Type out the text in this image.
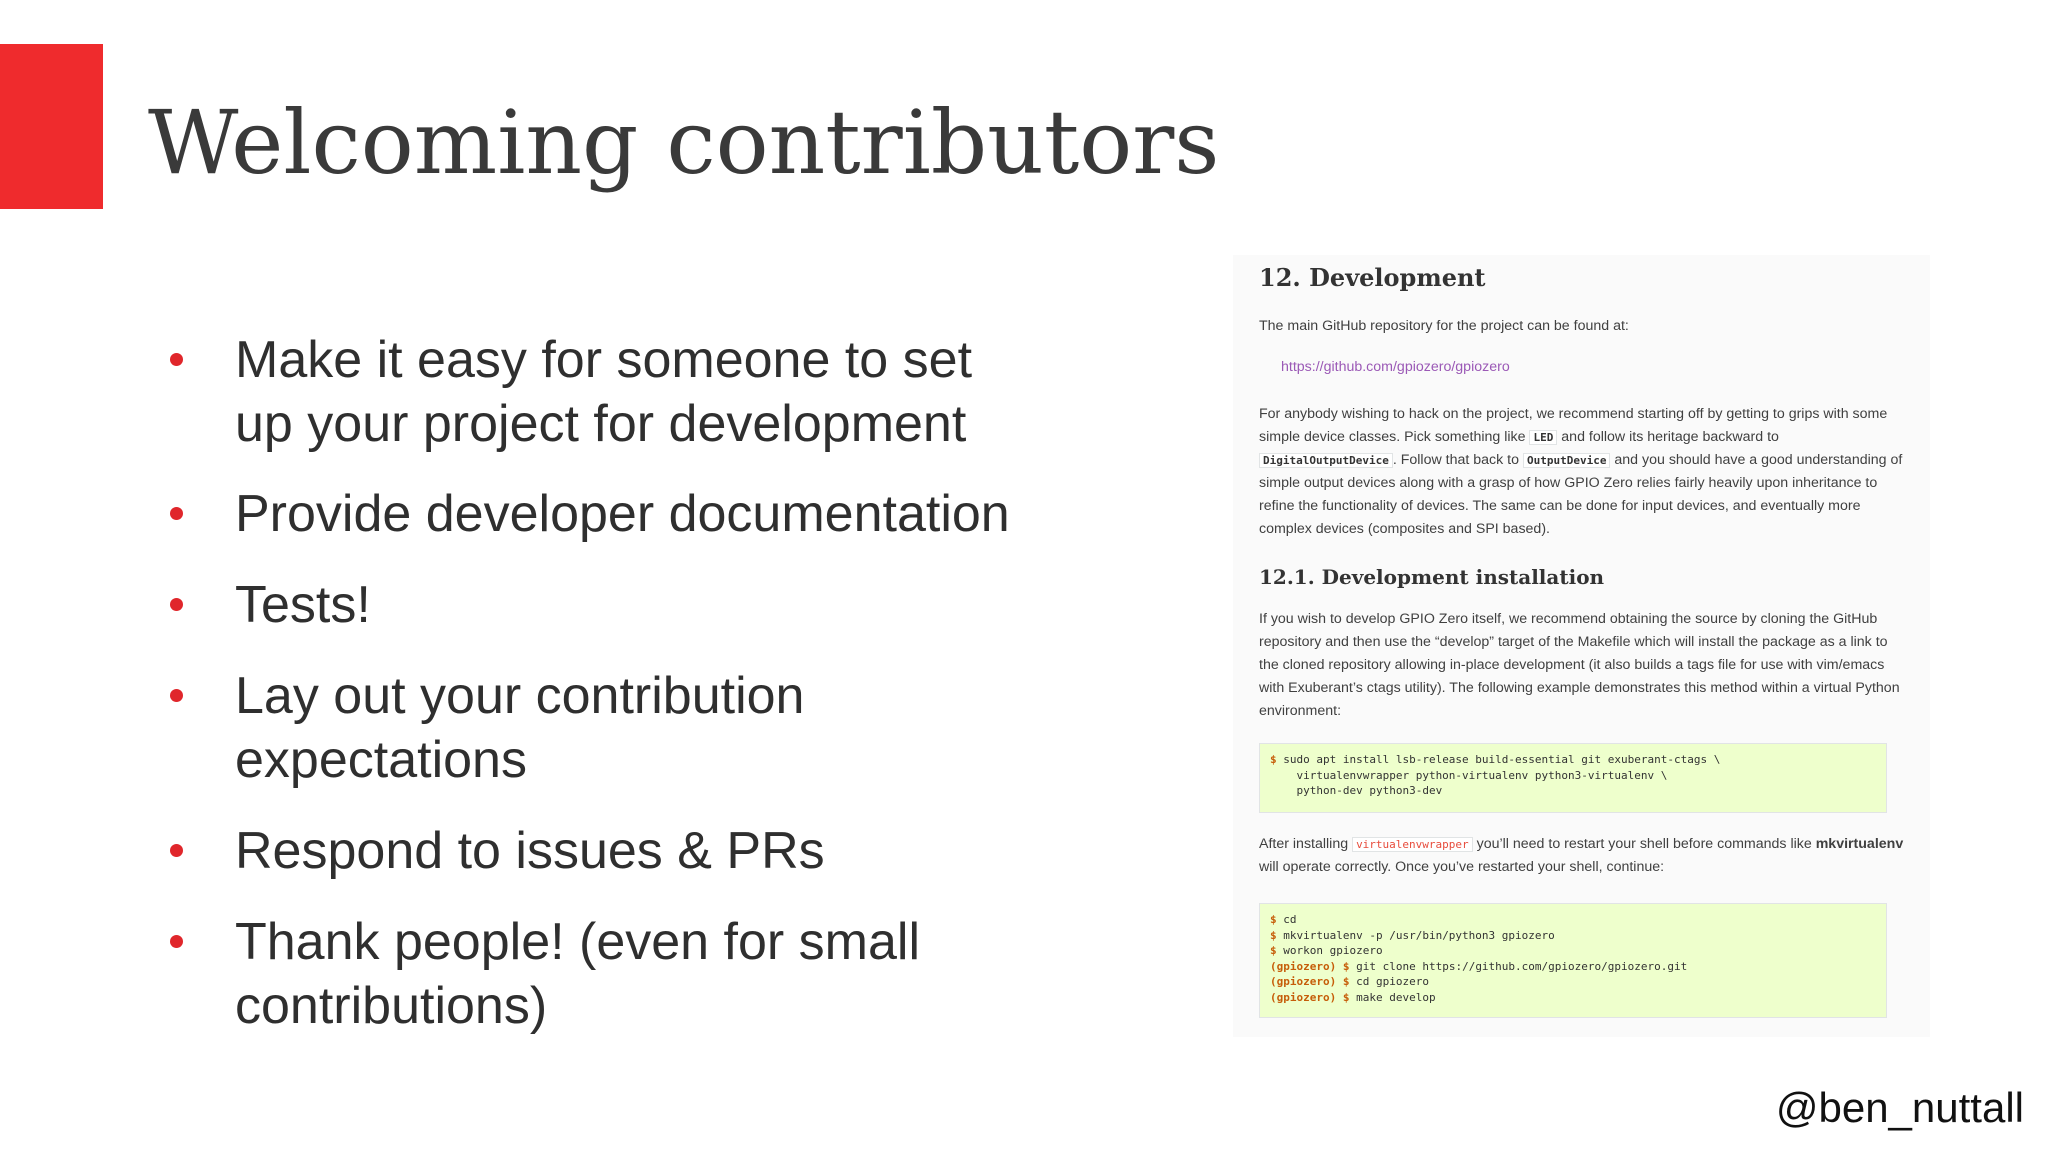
Welcoming contributors
Make it easy for someone to set
up your project for development
Provide developer documentation
Tests!
Lay out your contribution
expectations
Respond to issues & PRs
Thank people! (even for small
contributions)
12. Development

The main GitHub repository for the project can be found at:

https://github.com/gpiozero/gpiozero

For anybody wishing to hack on the project, we recommend starting off by getting to grips with some simple device classes. Pick something like LED and follow its heritage backward to DigitalOutputDevice . Follow that back to OutputDevice and you should have a good understanding of simple output devices along with a grasp of how GPIO Zero relies fairly heavily upon inheritance to refine the functionality of devices. The same can be done for input devices, and eventually more complex devices (composites and SPI based).

12.1. Development installation

If you wish to develop GPIO Zero itself, we recommend obtaining the source by cloning the GitHub repository and then use the “develop” target of the Makefile which will install the package as a link to the cloned repository allowing in-place development (it also builds a tags file for use with vim/emacs with Exuberant’s ctags utility). The following example demonstrates this method within a virtual Python environment:

$ sudo apt install lsb-release build-essential git exuberant-ctags \
virtualenvwrapper python-virtualenv python3-virtualenv \
python-dev python3-dev

After installing virtualenvwrapper you’ll need to restart your shell before commands like mkvirtualenv will operate correctly. Once you’ve restarted your shell, continue:

$ cd
$ mkvirtualenv -p /usr/bin/python3 gpiozero
$ workon gpiozero
(gpiozero) $ git clone https://github.com/gpiozero/gpiozero.git
(gpiozero) $ cd gpiozero
(gpiozero) $ make develop

@ben_nuttall
